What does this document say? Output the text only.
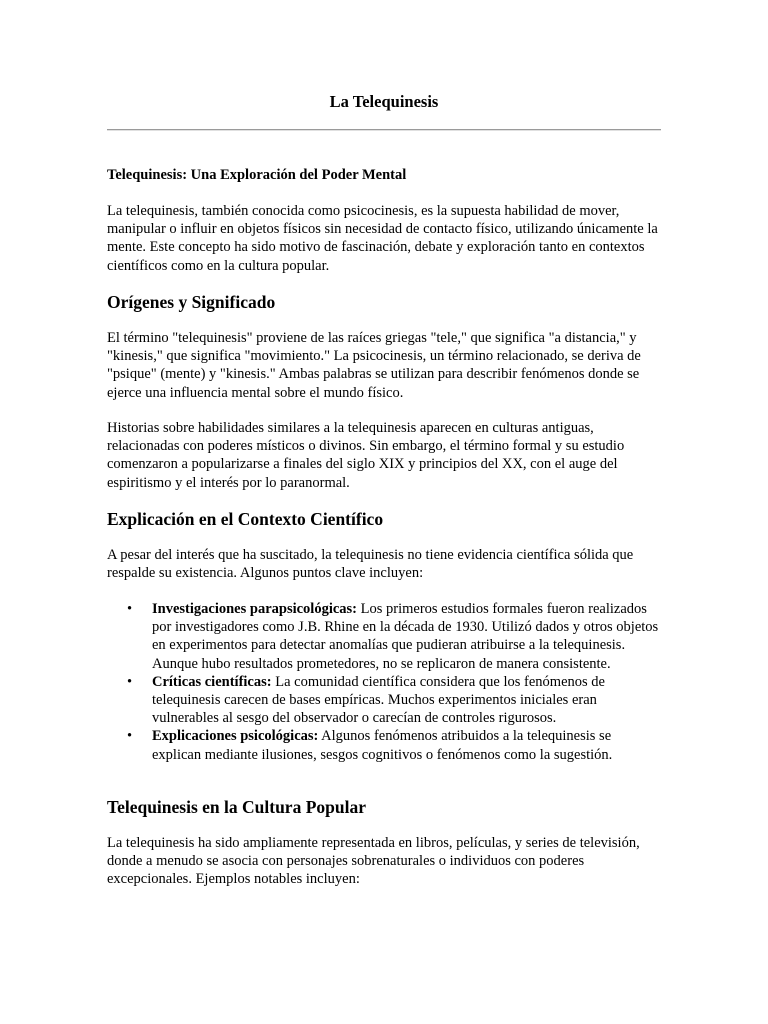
La Telequinesis

Telequinesis: Una Exploración del Poder Mental

La telequinesis, también conocida como psicocinesis, es la supuesta habilidad de mover, manipular o influir en objetos físicos sin necesidad de contacto físico, utilizando únicamente la mente. Este concepto ha sido motivo de fascinación, debate y exploración tanto en contextos científicos como en la cultura popular.

Orígenes y Significado

El término "telequinesis" proviene de las raíces griegas "tele," que significa "a distancia," y "kinesis," que significa "movimiento." La psicocinesis, un término relacionado, se deriva de "psique" (mente) y "kinesis." Ambas palabras se utilizan para describir fenómenos donde se ejerce una influencia mental sobre el mundo físico.

Historias sobre habilidades similares a la telequinesis aparecen en culturas antiguas, relacionadas con poderes místicos o divinos. Sin embargo, el término formal y su estudio comenzaron a popularizarse a finales del siglo XIX y principios del XX, con el auge del espiritismo y el interés por lo paranormal.

Explicación en el Contexto Científico

A pesar del interés que ha suscitado, la telequinesis no tiene evidencia científica sólida que respalde su existencia. Algunos puntos clave incluyen:

• Investigaciones parapsicológicas: Los primeros estudios formales fueron realizados por investigadores como J.B. Rhine en la década de 1930. Utilizó dados y otros objetos en experimentos para detectar anomalías que pudieran atribuirse a la telequinesis. Aunque hubo resultados prometedores, no se replicaron de manera consistente.
• Críticas científicas: La comunidad científica considera que los fenómenos de telequinesis carecen de bases empíricas. Muchos experimentos iniciales eran vulnerables al sesgo del observador o carecían de controles rigurosos.
• Explicaciones psicológicas: Algunos fenómenos atribuidos a la telequinesis se explican mediante ilusiones, sesgos cognitivos o fenómenos como la sugestión.
Telequinesis en la Cultura Popular

La telequinesis ha sido ampliamente representada en libros, películas, y series de televisión, donde a menudo se asocia con personajes sobrenaturales o individuos con poderes excepcionales. Ejemplos notables incluyen:
